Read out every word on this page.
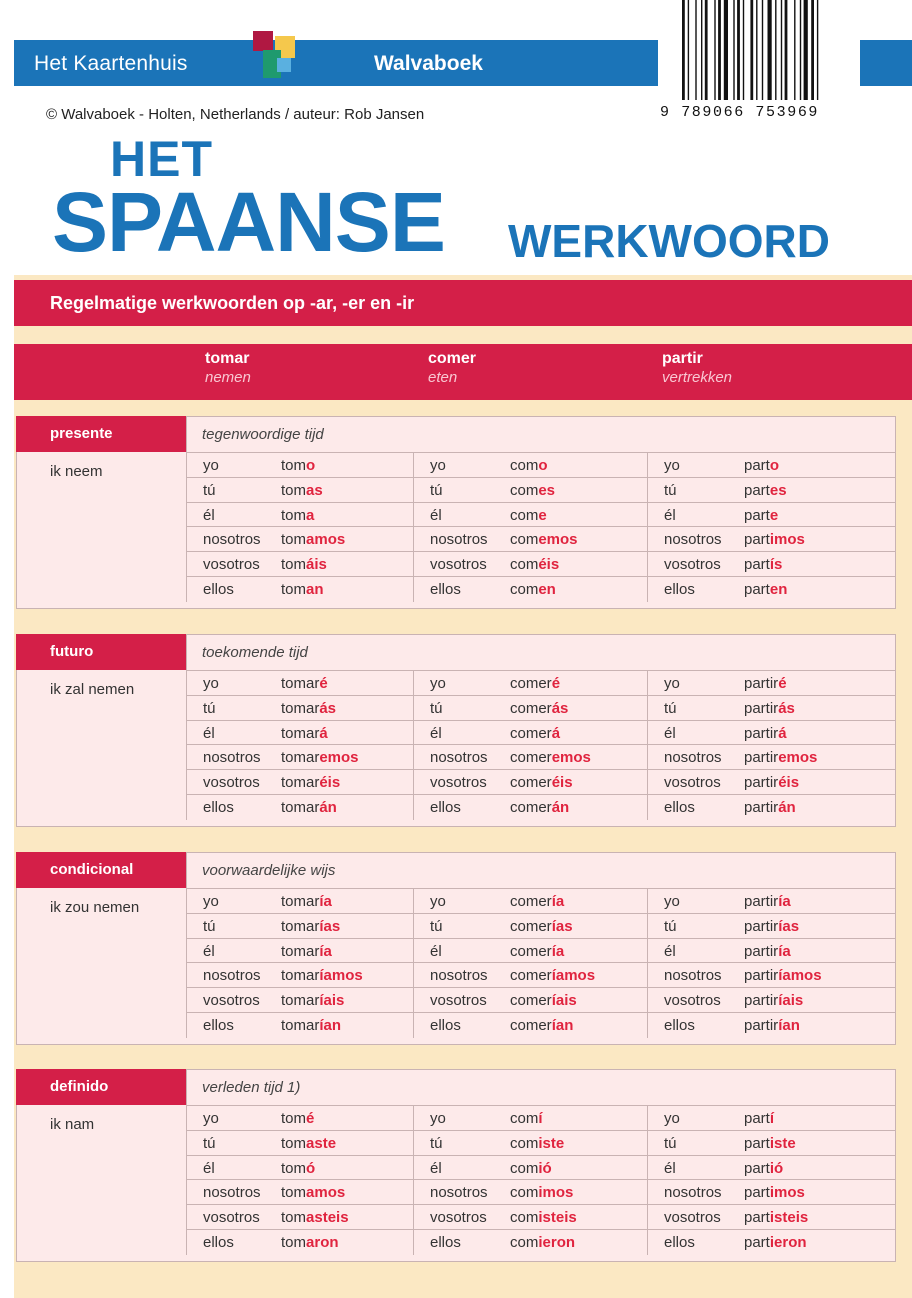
Het Kaartenhuis	Walvaboek
9 789066 753969
© Walvaboek - Holten, Netherlands / auteur: Rob Jansen
HET
SPAANSE WERKWOORD
Regelmatige werkwoorden op -ar, -er en -ir
tomar
nemen
comer
eten
partir
vertrekken
presente	tegenwoordige tijd
ik neem	yo	tomo	yo	como	yo	parto
tú	tomas	tú	comes	tú	partes
él	toma	él	come	él	parte
nosotros tomamos	nosotros comemos	nosotros partimos
vosotros tomáis	vosotros coméis	vosotros partís
ellos	toman	ellos	comen	ellos	parten
futuro	toekomende tijd
ik zal nemen	yo	tomaré	yo	comeré	yo	partiré
tú	tomarás	tú	comerás	tú	partirás
él	tomará	él	comerá	él	partirá
nosotros tomaremos	nosotros comeremos	nosotros partiremos
vosotros tomaréis	vosotros comeréis	vosotros partiréis
ellos	tomarán	ellos	comerán	ellos	partirán
condicional	voorwaardelijke wijs
ik zou nemen	yo	tomaría	yo	comería	yo	partiría
tú	tomarías	tú	comerías	tú	partirías
él	tomaría	él	comería	él	partiría
nosotros tomaríamos	nosotros comeríamos	nosotros partiríamos
vosotros tomaríais	vosotros comeríais	vosotros partiríais
ellos	tomarían	ellos	comerían	ellos	partirían
definido	verleden tijd 1)
ik nam	yo	tomé	yo	comí	yo	partí
tú	tomaste	tú	comiste	tú	partiste
él	tomó	él	comió	él	partió
nosotros tomamos	nosotros comimos	nosotros partimos
vosotros tomasteis	vosotros comisteis	vosotros partisteis
ellos	tomaron	ellos	comieron	ellos	partieron
